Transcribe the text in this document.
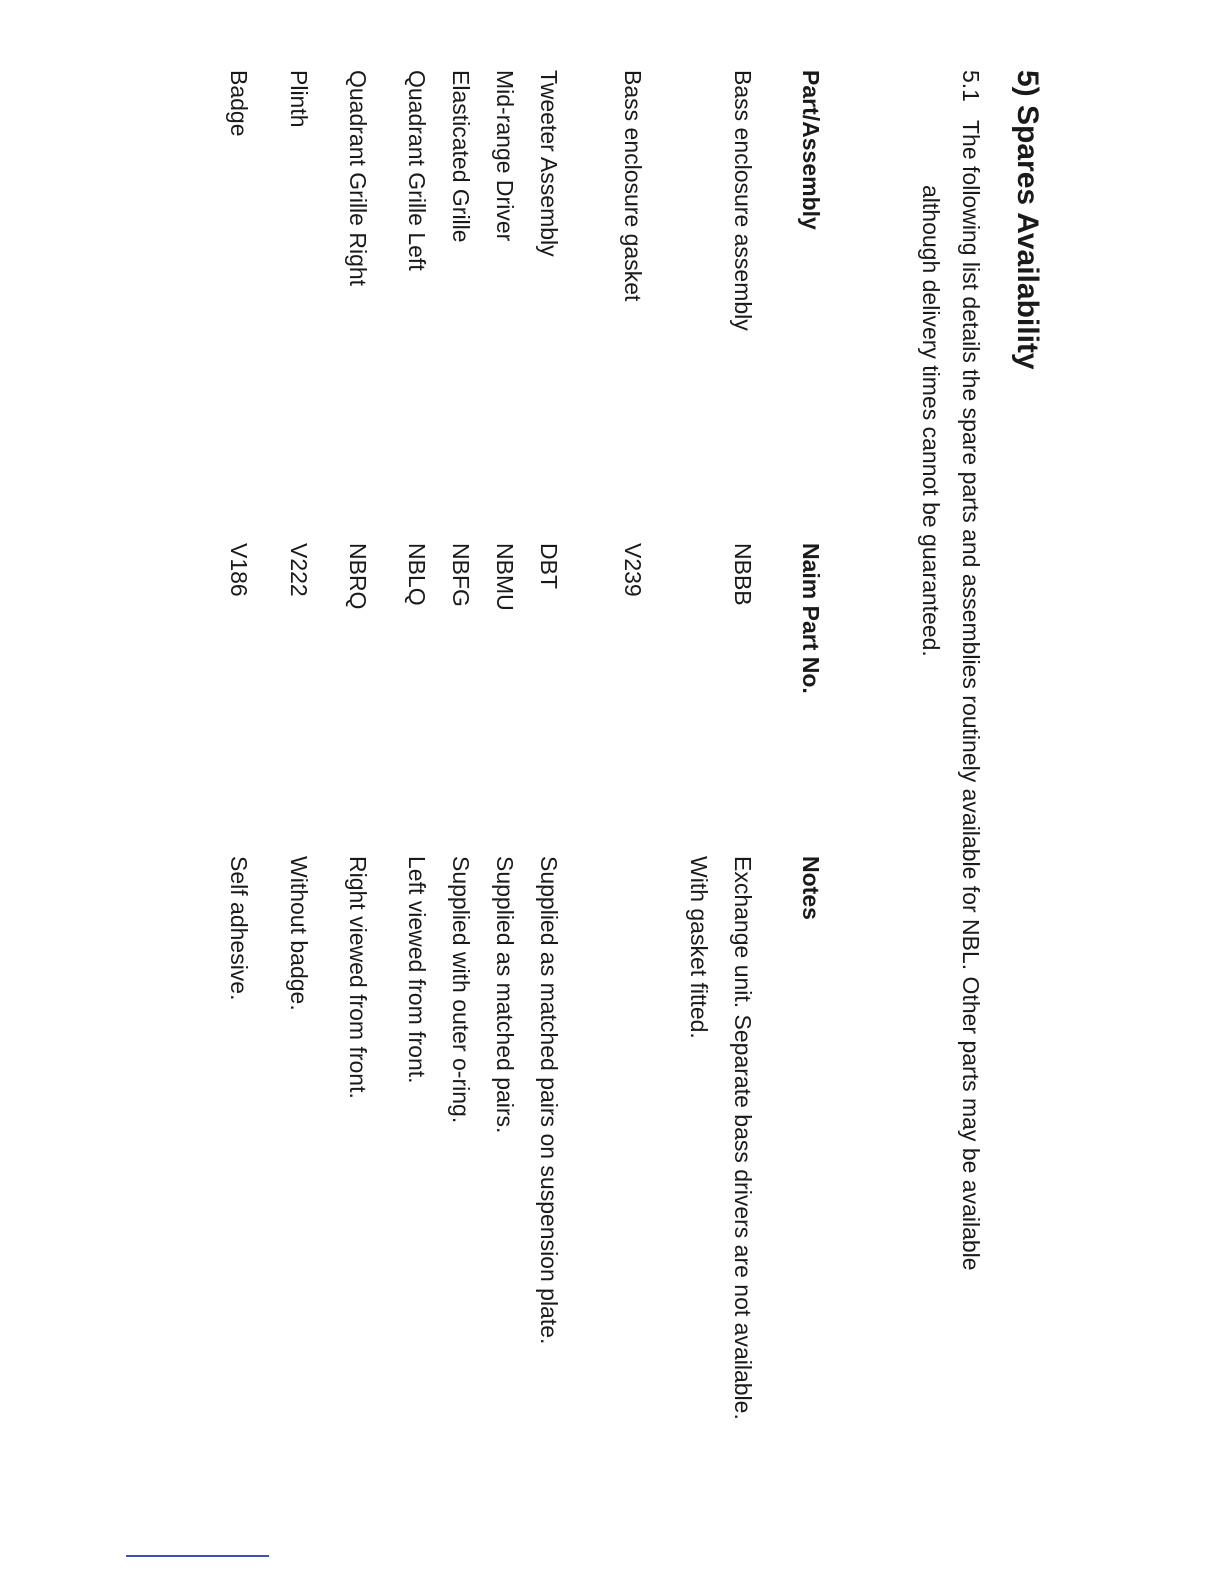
5) Spares Availability
5.1The following list details the spare parts and assemblies routinely available for NBL. Other parts may be available
although delivery times cannot be guaranteed.
Part/Assembly
Naim Part No.
Notes
Bass enclosure assembly
NBBB
Exchange unit. Separate bass drivers are not available.
With gasket fitted.
Bass enclosure gasket
V239
Tweeter Assembly
DBT
Supplied as matched pairs on suspension plate.
Mid-range Driver
NBMU
Supplied as matched pairs.
Elasticated Grille
NBFG
Supplied with outer o-ring.
Quadrant Grille Left
NBLQ
Left viewed from front.
Quadrant Grille Right
NBRQ
Right viewed from front.
Plinth
V222
Without badge.
Badge
V186
Self adhesive.
